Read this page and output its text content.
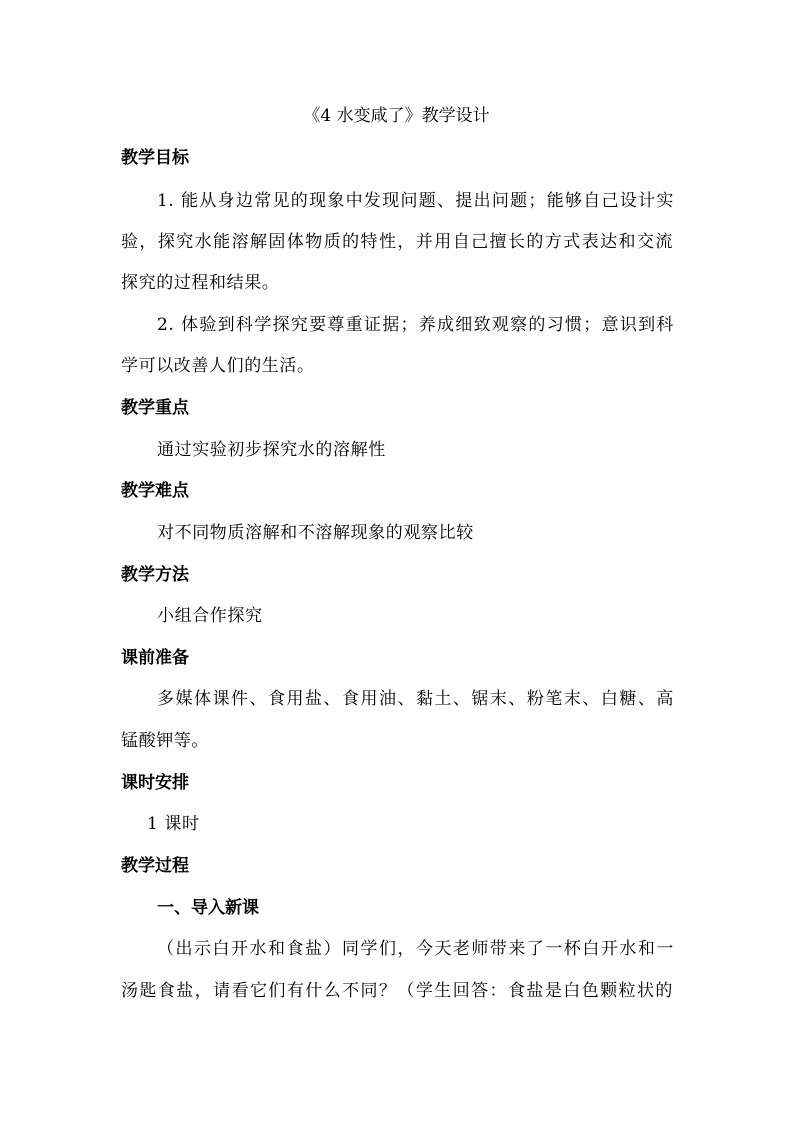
《4 水变咸了》教学设计
教学目标
1. 能从身边常见的现象中发现问题、提出问题；能够自己设计实
验，探究水能溶解固体物质的特性，并用自己擅长的方式表达和交流
探究的过程和结果。
2. 体验到科学探究要尊重证据；养成细致观察的习惯；意识到科
学可以改善人们的生活。
教学重点
通过实验初步探究水的溶解性
教学难点
对不同物质溶解和不溶解现象的观察比较
教学方法
小组合作探究
课前准备
多媒体课件、食用盐、食用油、黏土、锯末、粉笔末、白糖、高
锰酸钾等。
课时安排
1 课时
教学过程
一、导入新课
（出示白开水和食盐）同学们，今天老师带来了一杯白开水和一
汤匙食盐，请看它们有什么不同？（学生回答：食盐是白色颗粒状的
